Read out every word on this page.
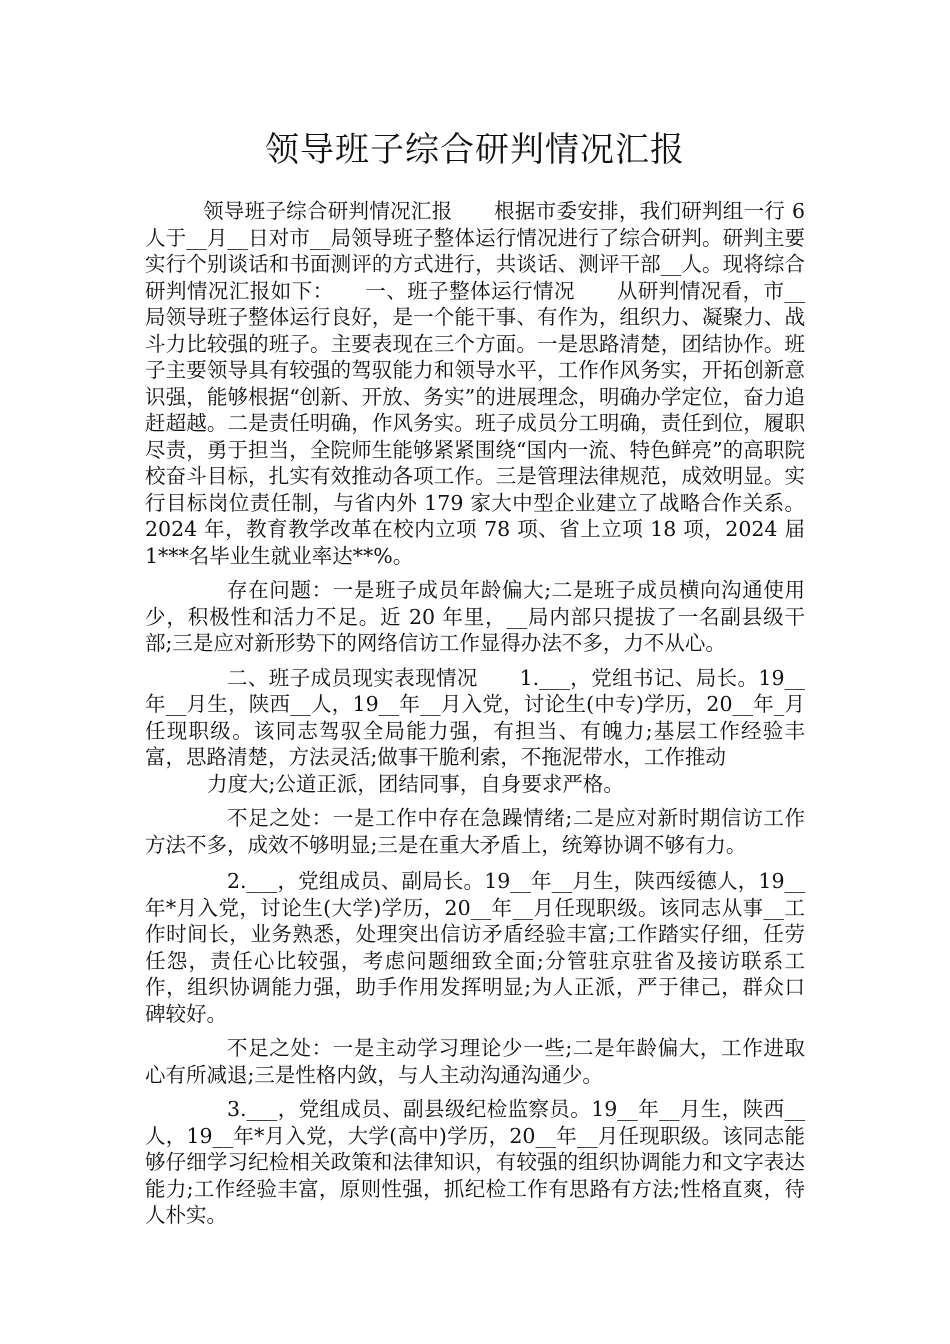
领导班子综合研判情况汇报

领导班子综合研判情况汇报　　根据市委安排，我们研判组一行 6 人于__月__日对市__局领导班子整体运行情况进行了综合研判。研判主要实行个别谈话和书面测评的方式进行，共谈话、测评干部__人。现将综合研判情况汇报如下：　　一、班子整体运行情况　　从研判情况看，市__局领导班子整体运行良好，是一个能干事、有作为，组织力、凝聚力、战斗力比较强的班子。主要表现在三个方面。一是思路清楚，团结协作。班子主要领导具有较强的驾驭能力和领导水平，工作作风务实，开拓创新意识强，能够根据“创新、开放、务实”的进展理念，明确办学定位，奋力追赶超越。二是责任明确，作风务实。班子成员分工明确，责任到位，履职尽责，勇于担当，全院师生能够紧紧围绕“国内一流、特色鲜亮”的高职院校奋斗目标，扎实有效推动各项工作。三是管理法律规范，成效明显。实行目标岗位责任制，与省内外 179 家大中型企业建立了战略合作关系。2024 年，教育教学改革在校内立项 78 项、省上立项 18 项，2024 届 1***名毕业生就业率达**%。

存在问题：一是班子成员年龄偏大;二是班子成员横向沟通使用少，积极性和活力不足。近 20 年里，__局内部只提拔了一名副县级干部;三是应对新形势下的网络信访工作显得办法不多，力不从心。

二、班子成员现实表现情况　　1.___，党组书记、局长。19__年__月生，陕西__人，19__年__月入党，讨论生(中专)学历，20__年_月任现职级。该同志驾驭全局能力强，有担当、有魄力;基层工作经验丰富，思路清楚，方法灵活;做事干脆利索，不拖泥带水，工作推动

力度大;公道正派，团结同事，自身要求严格。

不足之处：一是工作中存在急躁情绪;二是应对新时期信访工作方法不多，成效不够明显;三是在重大矛盾上，统筹协调不够有力。

2.___，党组成员、副局长。19__年__月生，陕西绥德人，19__年*月入党，讨论生(大学)学历，20__年__月任现职级。该同志从事__工作时间长，业务熟悉，处理突出信访矛盾经验丰富;工作踏实仔细，任劳任怨，责任心比较强，考虑问题细致全面;分管驻京驻省及接访联系工作，组织协调能力强，助手作用发挥明显;为人正派，严于律己，群众口碑较好。

不足之处：一是主动学习理论少一些;二是年龄偏大，工作进取心有所减退;三是性格内敛，与人主动沟通沟通少。

3.___，党组成员、副县级纪检监察员。19__年__月生，陕西__人，19__年*月入党，大学(高中)学历，20__年__月任现职级。该同志能够仔细学习纪检相关政策和法律知识，有较强的组织协调能力和文字表达能力;工作经验丰富，原则性强，抓纪检工作有思路有方法;性格直爽，待人朴实。
